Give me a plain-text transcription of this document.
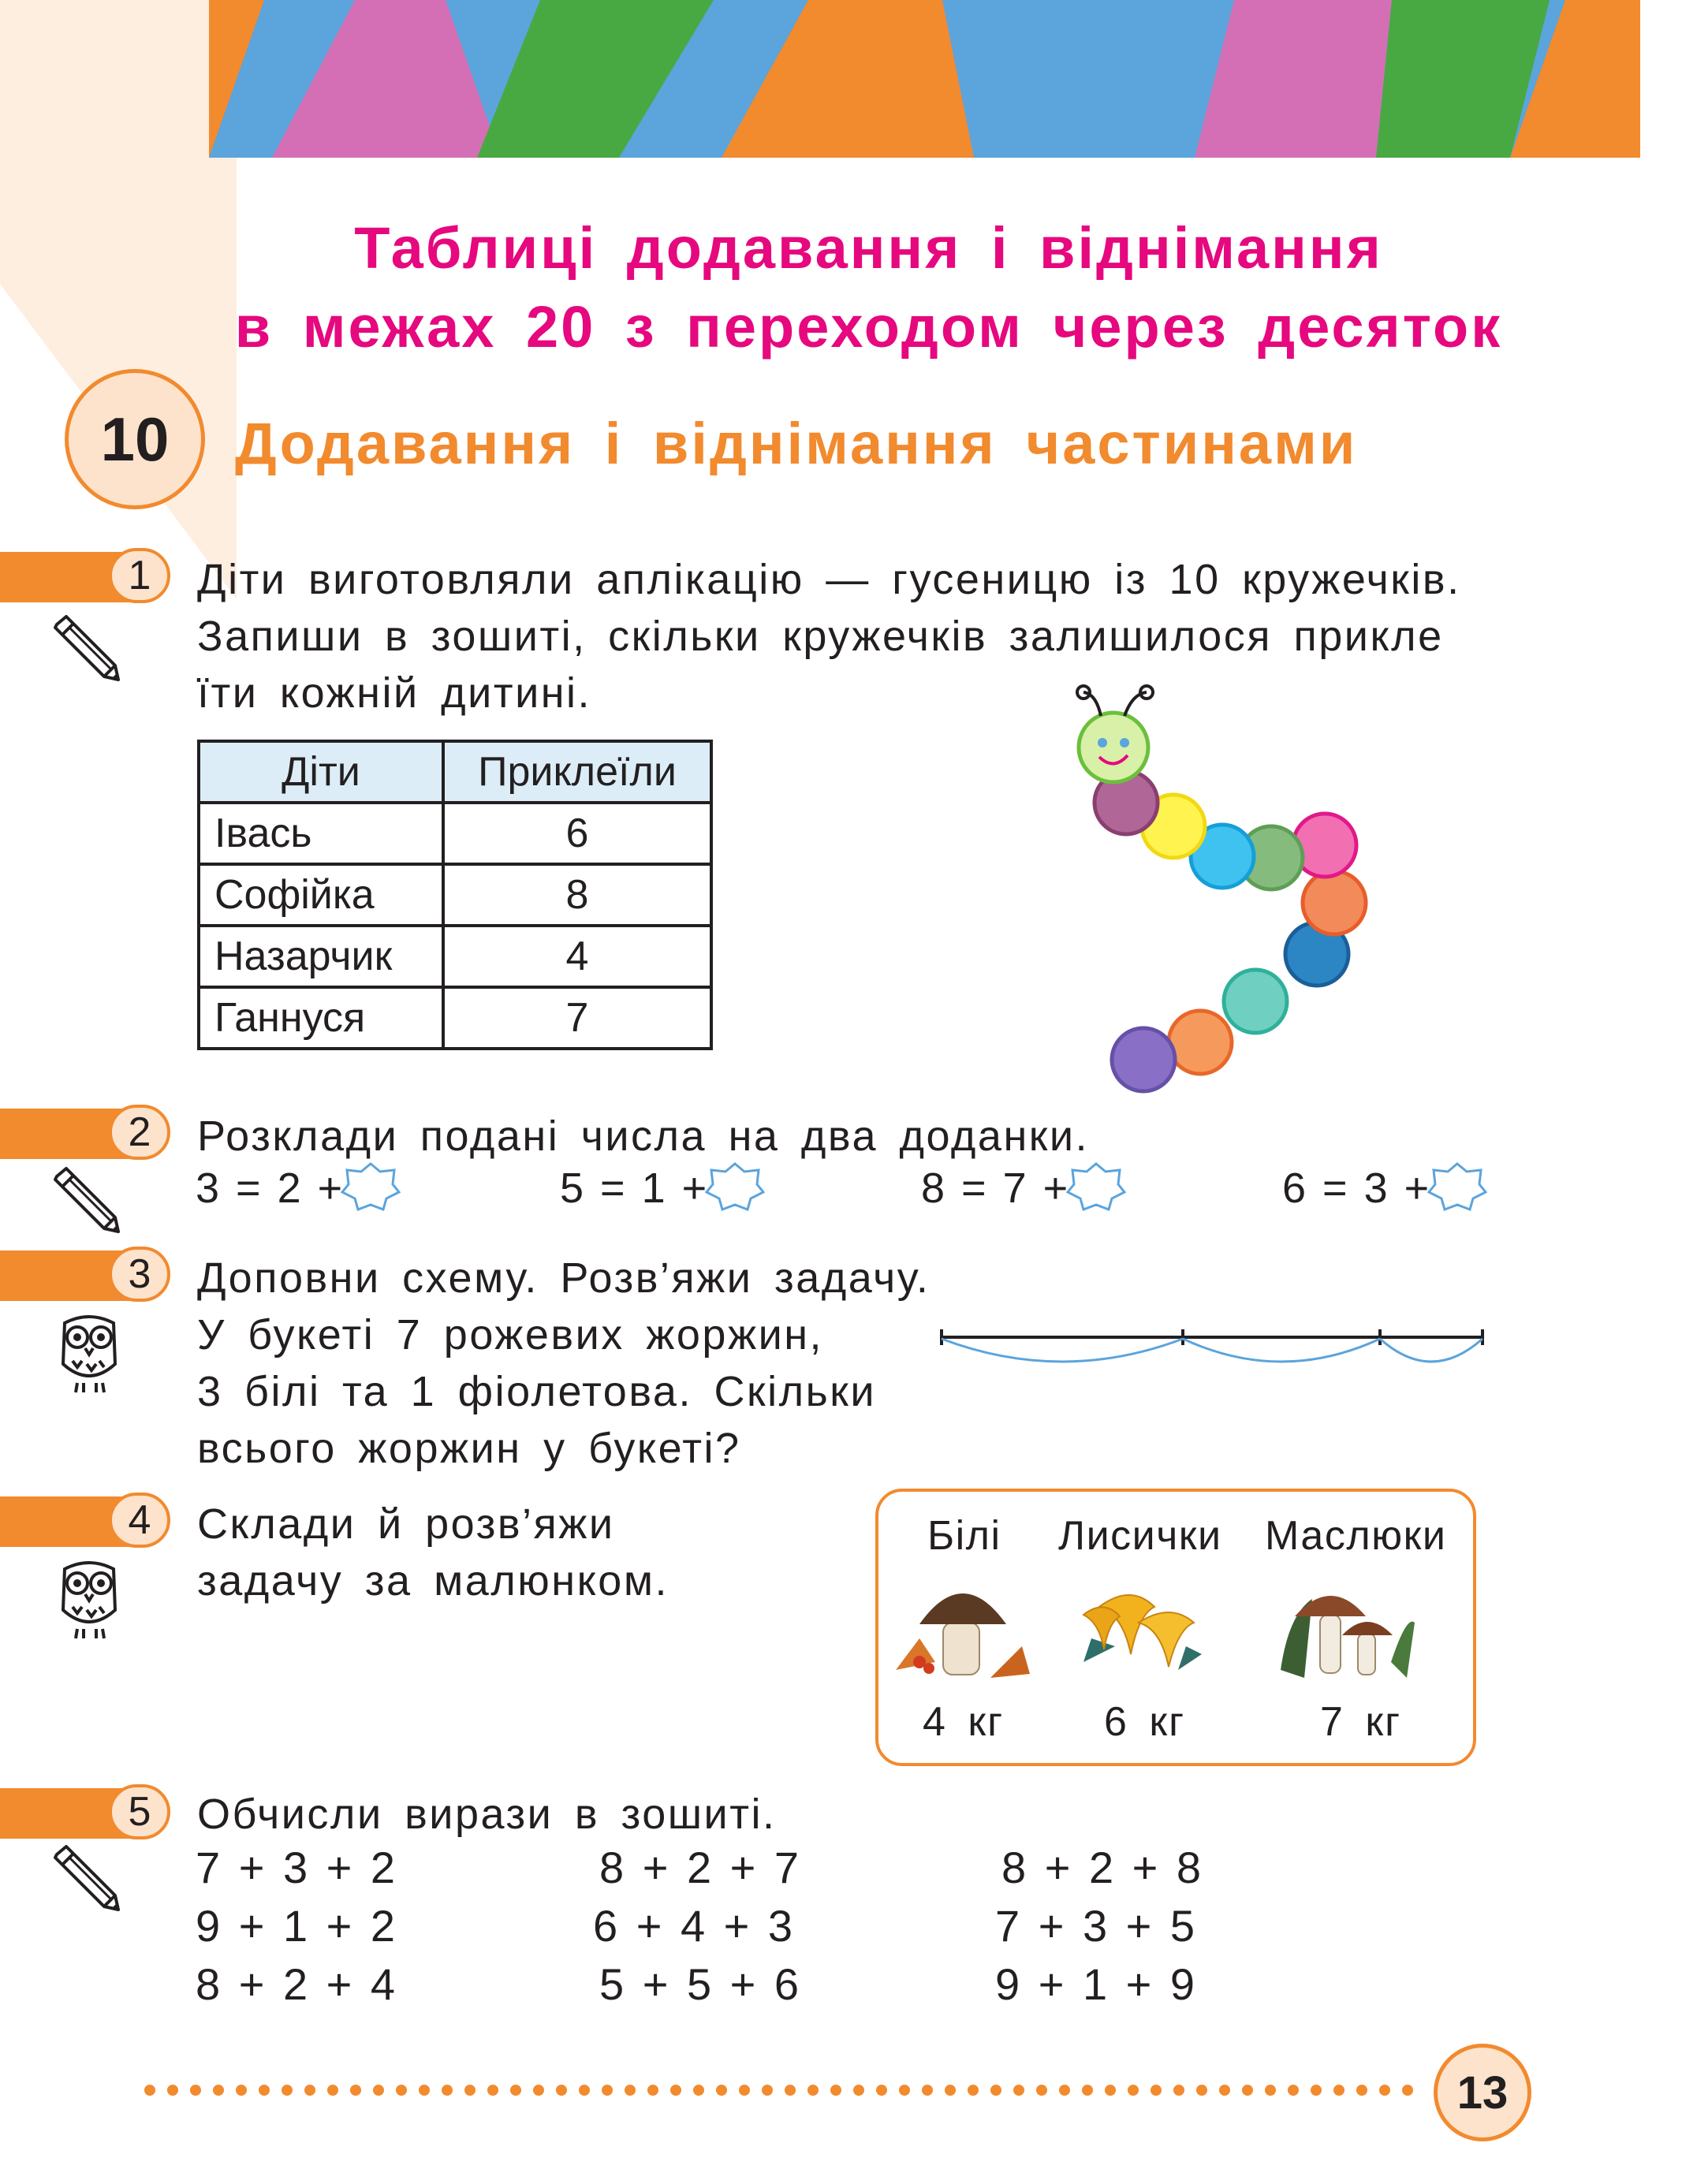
Таблиці додавання і віднімання
в межах 20 з переходом через десяток
10	Додавання і віднімання частинами
1	Діти виготовляли аплікацію — гусеницю із 10 кружечків.
Запиши в зошиті, скільки кружечків залишилося прикле
їти кожній дитині.
Діти	Приклеїли
Івась	6
Софійка	8
Назарчик	4
Ганнуся	7
2	Розклади подані числа на два доданки.
3 = 2 +	5 = 1 +	8 = 7 +	6 = 3 +
3	Доповни схему. Розв’яжи задачу.
У букеті 7 рожевих жоржин,
3 білі та 1 фіолетова. Скільки
всього жоржин у букеті?
4	Склади й розв’яжи
задачу за малюнком.
Білі Лисички Маслюки
4 кг 6 кг	7 кг
5	Обчисли вирази в зошиті.
7 + 3 + 2
9 + 1 + 2
8 + 2 + 4
8 + 2 + 7
6 + 4 + 3
5 + 5 + 6
8 + 2 + 8
7 + 3 + 5
9 + 1 + 9
13
